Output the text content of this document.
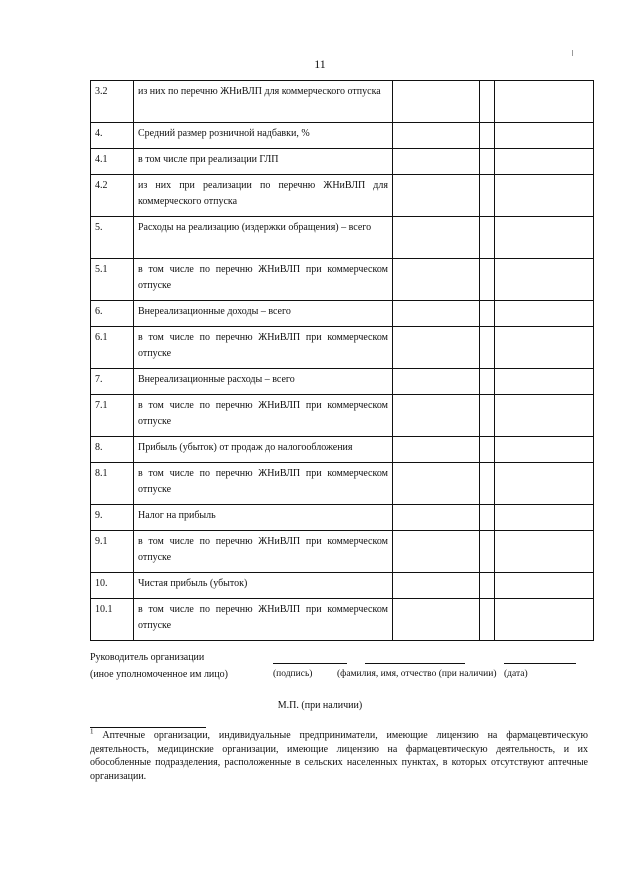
11
3.2	из них по перечню ЖНиВЛП для коммерческого отпуска			
4.	Средний размер розничной надбавки, %			
4.1	в том числе при реализации ГЛП			
4.2	из них при реализации по перечню ЖНиВЛП для коммерческого отпуска			
5.	Расходы на реализацию (издержки обращения) – всего			
5.1	в том числе по перечню ЖНиВЛП при коммерческом отпуске			
6.	Внереализационные доходы – всего			
6.1	в том числе по перечню ЖНиВЛП при коммерческом отпуске			
7.	Внереализационные расходы – всего			
7.1	в том числе по перечню ЖНиВЛП при коммерческом отпуске			
8.	Прибыль (убыток) от продаж до налогообложения			
8.1	в том числе по перечню ЖНиВЛП при коммерческом отпуске			
9.	Налог на прибыль			
9.1	в том числе по перечню ЖНиВЛП при коммерческом отпуске			
10.	Чистая прибыль (убыток)			
10.1	в том числе по перечню ЖНиВЛП при коммерческом отпуске			
Руководитель организации
(иное уполномоченное им лицо)	(подпись)	(фамилия, имя, отчество (при наличии) (дата)
М.П. (при наличии)
$^1$ Аптечные организации, индивидуальные предприниматели, имеющие лицензию на фармацевтическую деятельность, медицинские организации, имеющие лицензию на фармацевтическую деятельность, и их обособленные подразделения, расположенные в сельских населенных пунктах, в которых отсутствуют аптечные организации.
